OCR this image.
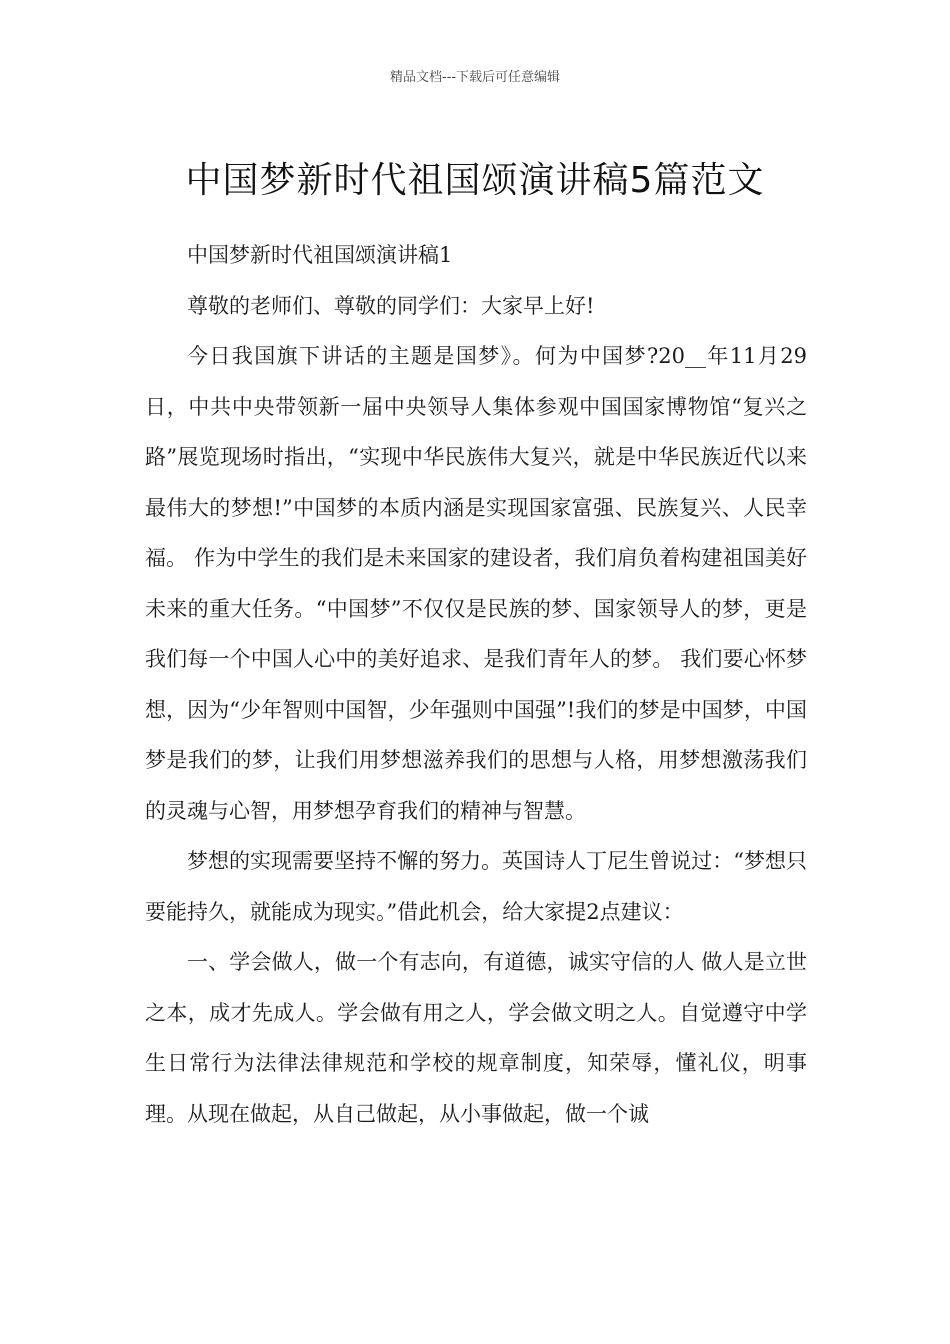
精品文档---下载后可任意编辑
中国梦新时代祖国颂演讲稿5篇范文

中国梦新时代祖国颂演讲稿1

尊敬的老师们、尊敬的同学们：大家早上好!

今日我国旗下讲话的主题是国梦》。何为中国梦?20__年11月29日，中共中央带领新一届中央领导人集体参观中国国家博物馆“复兴之路”展览现场时指出，“实现中华民族伟大复兴，就是中华民族近代以来最伟大的梦想!”中国梦的本质内涵是实现国家富强、民族复兴、人民幸福。 作为中学生的我们是未来国家的建设者，我们肩负着构建祖国美好未来的重大任务。“中国梦”不仅仅是民族的梦、国家领导人的梦，更是我们每一个中国人心中的美好追求、是我们青年人的梦。 我们要心怀梦想，因为“少年智则中国智，少年强则中国强”!我们的梦是中国梦，中国梦是我们的梦，让我们用梦想滋养我们的思想与人格，用梦想激荡我们的灵魂与心智，用梦想孕育我们的精神与智慧。

梦想的实现需要坚持不懈的努力。英国诗人丁尼生曾说过：“梦想只要能持久，就能成为现实。”借此机会，给大家提2点建议：

一、学会做人，做一个有志向，有道德，诚实守信的人 做人是立世之本，成才先成人。学会做有用之人，学会做文明之人。自觉遵守中学生日常行为法律法律规范和学校的规章制度，知荣辱，懂礼仪，明事理。从现在做起，从自己做起，从小事做起，做一个诚
